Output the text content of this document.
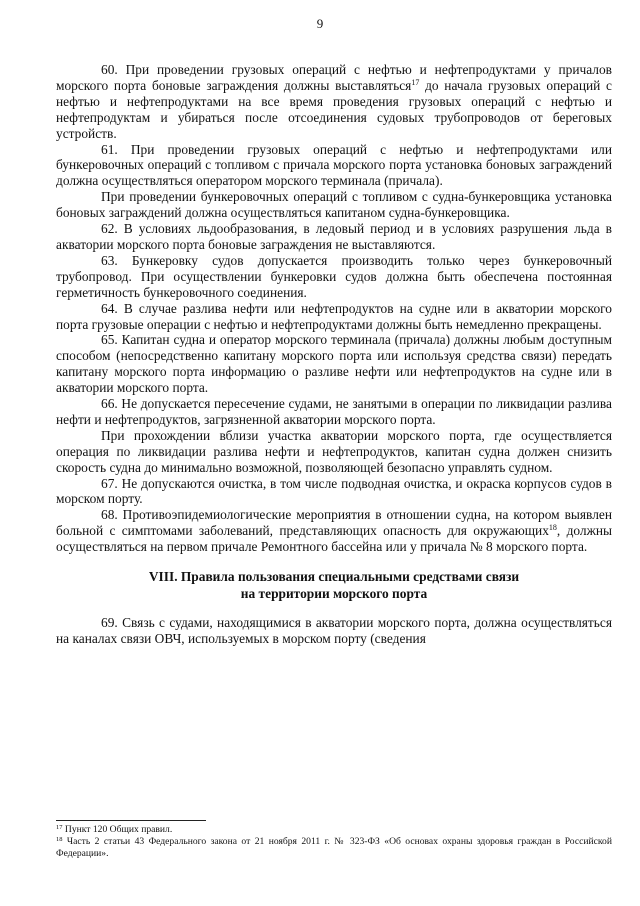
9

60. При проведении грузовых операций с нефтью и нефтепродуктами у причалов морского порта боновые заграждения должны выставляться$^{17}$ до начала грузовых операций с нефтью и нефтепродуктами на все время проведения грузовых операций с нефтью и нефтепродуктам и убираться после отсоединения судовых трубопроводов от береговых устройств.

61. При проведении грузовых операций с нефтью и нефтепродуктами или бункеровочных операций с топливом с причала морского порта установка боновых заграждений должна осуществляться оператором морского терминала (причала).

При проведении бункеровочных операций с топливом с судна-бункеровщика установка боновых заграждений должна осуществляться капитаном судна-бункеровщика.

62. В условиях льдообразования, в ледовый период и в условиях разрушения льда в акватории морского порта боновые заграждения не выставляются.

63. Бункеровку судов допускается производить только через бункеровочный трубопровод. При осуществлении бункеровки судов должна быть обеспечена постоянная герметичность бункеровочного соединения.

64. В случае разлива нефти или нефтепродуктов на судне или в акватории морского порта грузовые операции с нефтью и нефтепродуктами должны быть немедленно прекращены.

65. Капитан судна и оператор морского терминала (причала) должны любым доступным способом (непосредственно капитану морского порта или используя средства связи) передать капитану морского порта информацию о разливе нефти или нефтепродуктов на судне или в акватории морского порта.

66. Не допускается пересечение судами, не занятыми в операции по ликвидации разлива нефти и нефтепродуктов, загрязненной акватории морского порта.

При прохождении вблизи участка акватории морского порта, где осуществляется операция по ликвидации разлива нефти и нефтепродуктов, капитан судна должен снизить скорость судна до минимально возможной, позволяющей безопасно управлять судном.

67. Не допускаются очистка, в том числе подводная очистка, и окраска корпусов судов в морском порту.

68. Противоэпидемиологические мероприятия в отношении судна, на котором выявлен больной с симптомами заболеваний, представляющих опасность для окружающих$^{18}$, должны осуществляться на первом причале Ремонтного бассейна или у причала № 8 морского порта.

VIII. Правила пользования специальными средствами связи
на территории морского порта

69. Связь с судами, находящимися в акватории морского порта, должна осуществляться на каналах связи ОВЧ, используемых в морском порту (сведения

$^{17}$ Пункт 120 Общих правил.

$^{18}$ Часть 2 статьи 43 Федерального закона от 21 ноября 2011 г. № 323-ФЗ «Об основах охраны здоровья граждан в Российской Федерации».
